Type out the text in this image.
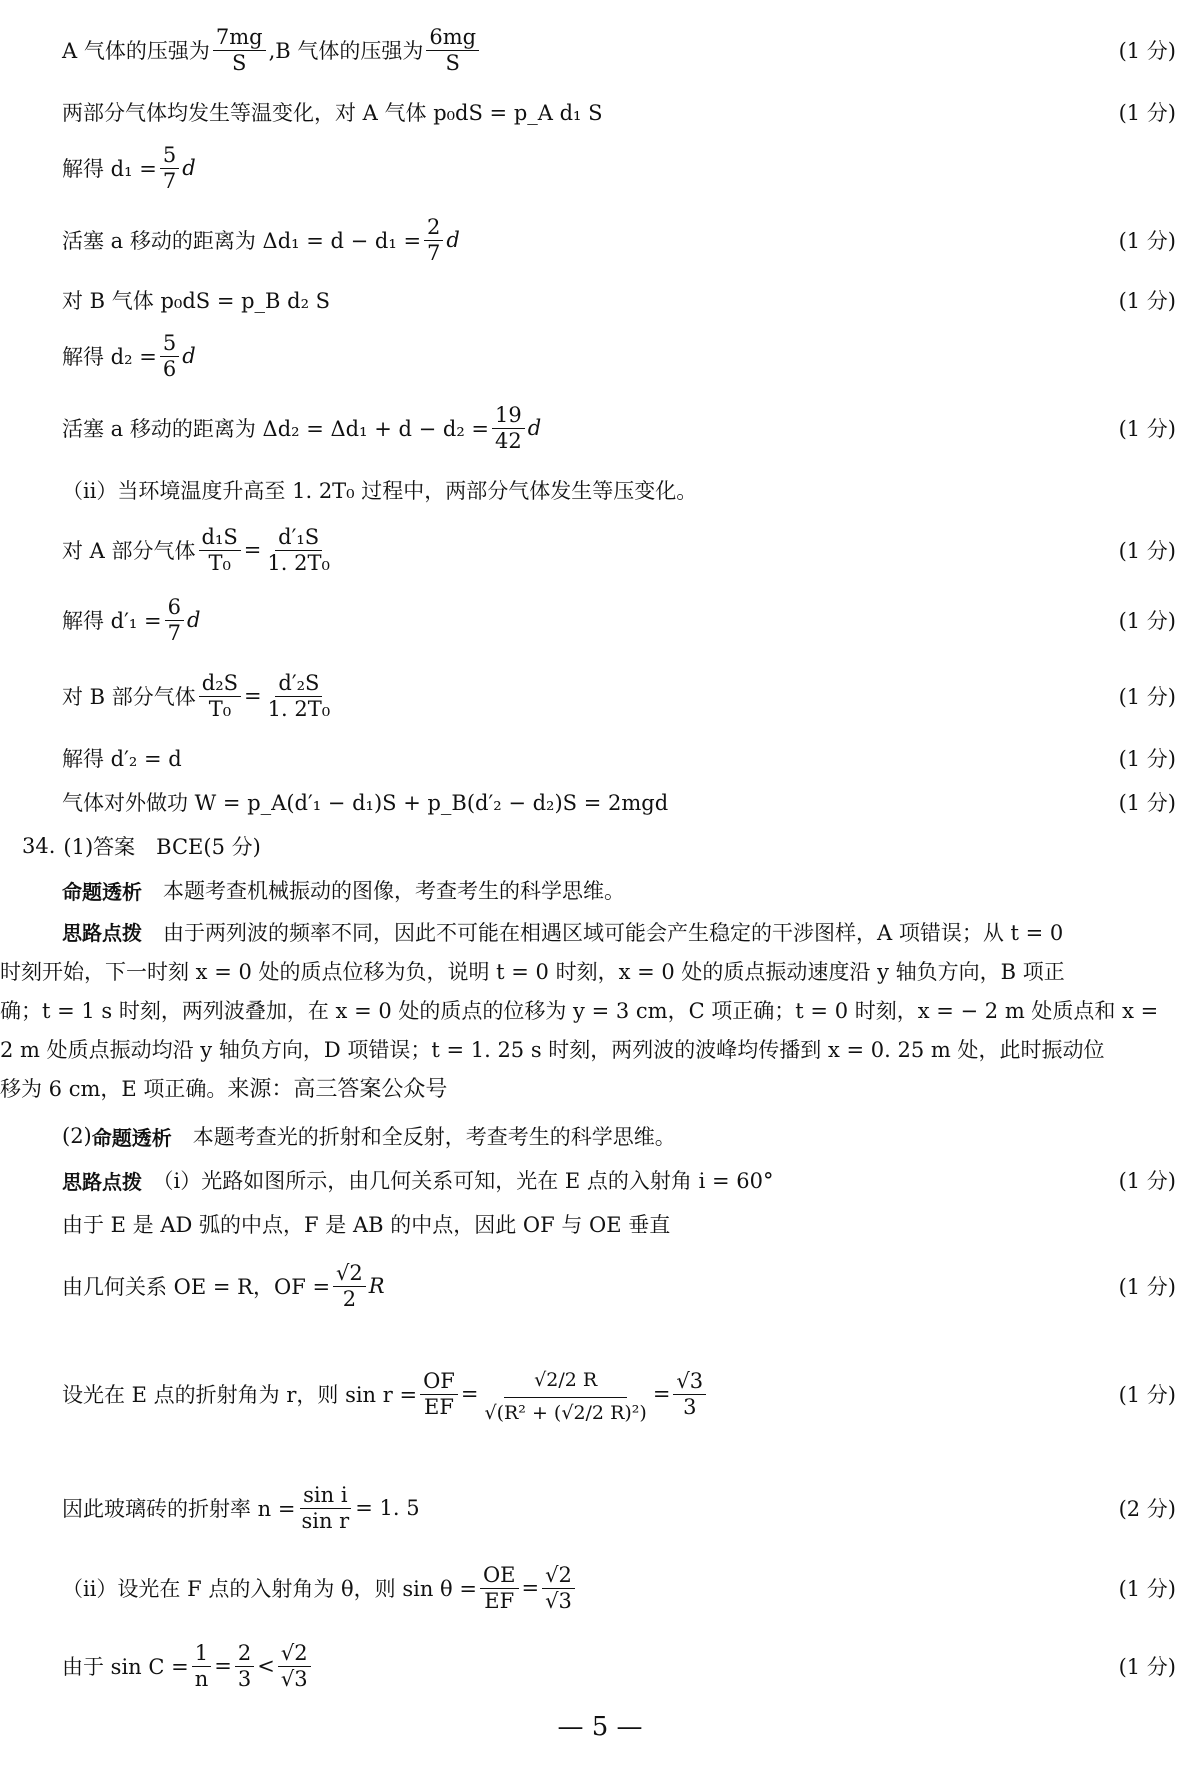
A 气体的压强为 $\frac{7mg}{S} ,B$ 气体的压强为 $\frac{6mg}{S}$	(1 分)
两部分气体均发生等温变化，对 A 气体 p₀dS = p_A d₁ S	(1 分)
解得 $d_1 = \frac{5}{7}$ d
活塞 a 移动的距离为 $\Delta d_1 = d - d_1 = \frac{2}{7}$ d	(1 分)
对 B 气体 p₀dS = p_B d₂ S	(1 分)
解得 $d_2 = \frac{5}{6}$ d
活塞 a 移动的距离为 $\Delta d_2 = \Delta d_1 + d - d_2 = \frac{19}{42}$ d	(1 分)
（ⅱ）当环境温度升高至 1. 2T₀ 过程中，两部分气体发生等压变化。
对 A 部分气体 $\frac{\text{d₁S}}{\text{T₀}} = \frac{\text{d′₁S}}{\text{1. 2T₀}}$	(1 分)
解得 $d'_1 = \frac{6}{7}$ d	(1 分)
对 B 部分气体 $\frac{\text{d₂S}}{\text{T₀}} = \frac{\text{d′₂S}}{\text{1. 2T₀}}$	(1 分)
解得 d′₂ = d	(1 分)
气体对外做功 W = p_A(d′₁ − d₁)S + p_B(d′₂ − d₂)S = 2mgd	(1 分)
34. (1)答案　BCE(5 分)
命题透析 　本题考查机械振动的图像，考查考生的科学思维。
思路点拨　由于两列波的频率不同，因此不可能在相遇区域可能会产生稳定的干涉图样，A 项错误；从 t = 0
时刻开始，下一时刻 x = 0 处的质点位移为负，说明 t = 0 时刻，x = 0 处的质点振动速度沿 y 轴负方向，B 项正
确；t = 1 s 时刻，两列波叠加，在 x = 0 处的质点的位移为 y = 3 cm，C 项正确；t = 0 时刻，x = − 2 m 处质点和 x =
2 m 处质点振动均沿 y 轴负方向，D 项错误；t = 1. 25 s 时刻，两列波的波峰均传播到 x = 0. 25 m 处，此时振动位
移为 6 cm，E 项正确。来源：高三答案公众号
(2) 命题透析 　本题考查光的折射和全反射，考查考生的科学思维。
思路点拨 　（ⅰ）光路如图所示，由几何关系可知，光在 E 点的入射角 i = 60°	(1 分)
由于 E 是 AD 弧的中点，F 是 AB 的中点，因此 OF 与 OE 垂直
由几何关系 OE = R，OF = $\frac{√2}{2}$ R	(1 分)
设光在 E 点的折射角为 r，则 $\sin r = \frac{OF}{EF} = \frac{√2/2 R}{\text{√(R² + (√2/2 R)²)}} = \frac{√3}{3}$	(1 分)
因此玻璃砖的折射率 $n = \frac{\text{sin i}}{\text{sin r}} = 1$. 5	(2 分)
（ⅱ）设光在 F 点的入射角为 θ，则 $\sin \theta = \frac{OE}{EF} = \frac{√2}{√3}$	(1 分)
由于 $\sin C = \frac{1}{n} = \frac{2}{3} < \frac{√2}{√3}$	(1 分)
— 5 —
